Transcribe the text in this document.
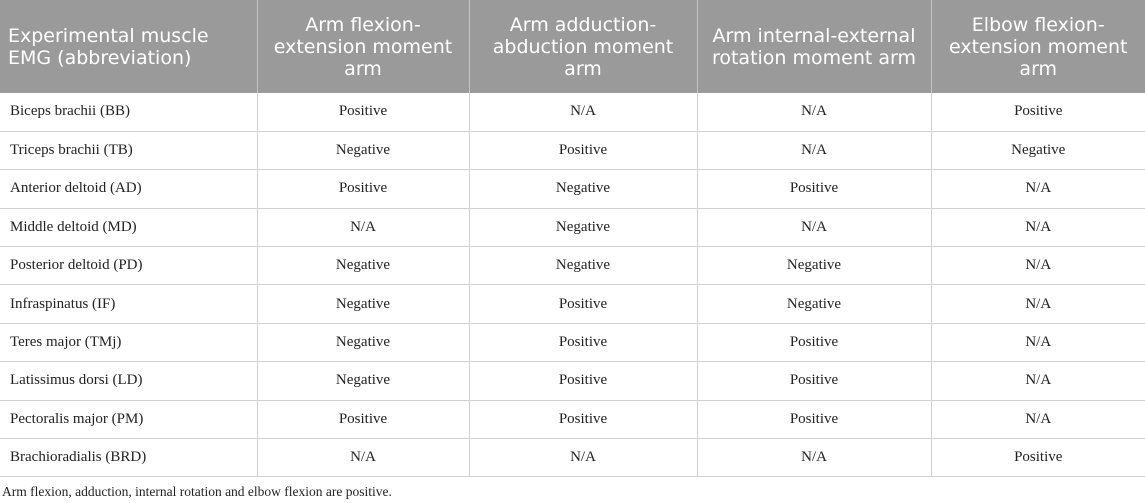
Experimental muscle EMG (abbreviation)	Arm flexion-extension moment arm	Arm adduction-abduction moment arm	Arm internal-external rotation moment arm	Elbow flexion-extension moment arm
Biceps brachii (BB)	Positive	N/A	N/A	Positive
Triceps brachii (TB)	Negative	Positive	N/A	Negative
Anterior deltoid (AD)	Positive	Negative	Positive	N/A
Middle deltoid (MD)	N/A	Negative	N/A	N/A
Posterior deltoid (PD)	Negative	Negative	Negative	N/A
Infraspinatus (IF)	Negative	Positive	Negative	N/A
Teres major (TMj)	Negative	Positive	Positive	N/A
Latissimus dorsi (LD)	Negative	Positive	Positive	N/A
Pectoralis major (PM)	Positive	Positive	Positive	N/A
Brachioradialis (BRD)	N/A	N/A	N/A	Positive
Arm flexion, adduction, internal rotation and elbow flexion are positive.
